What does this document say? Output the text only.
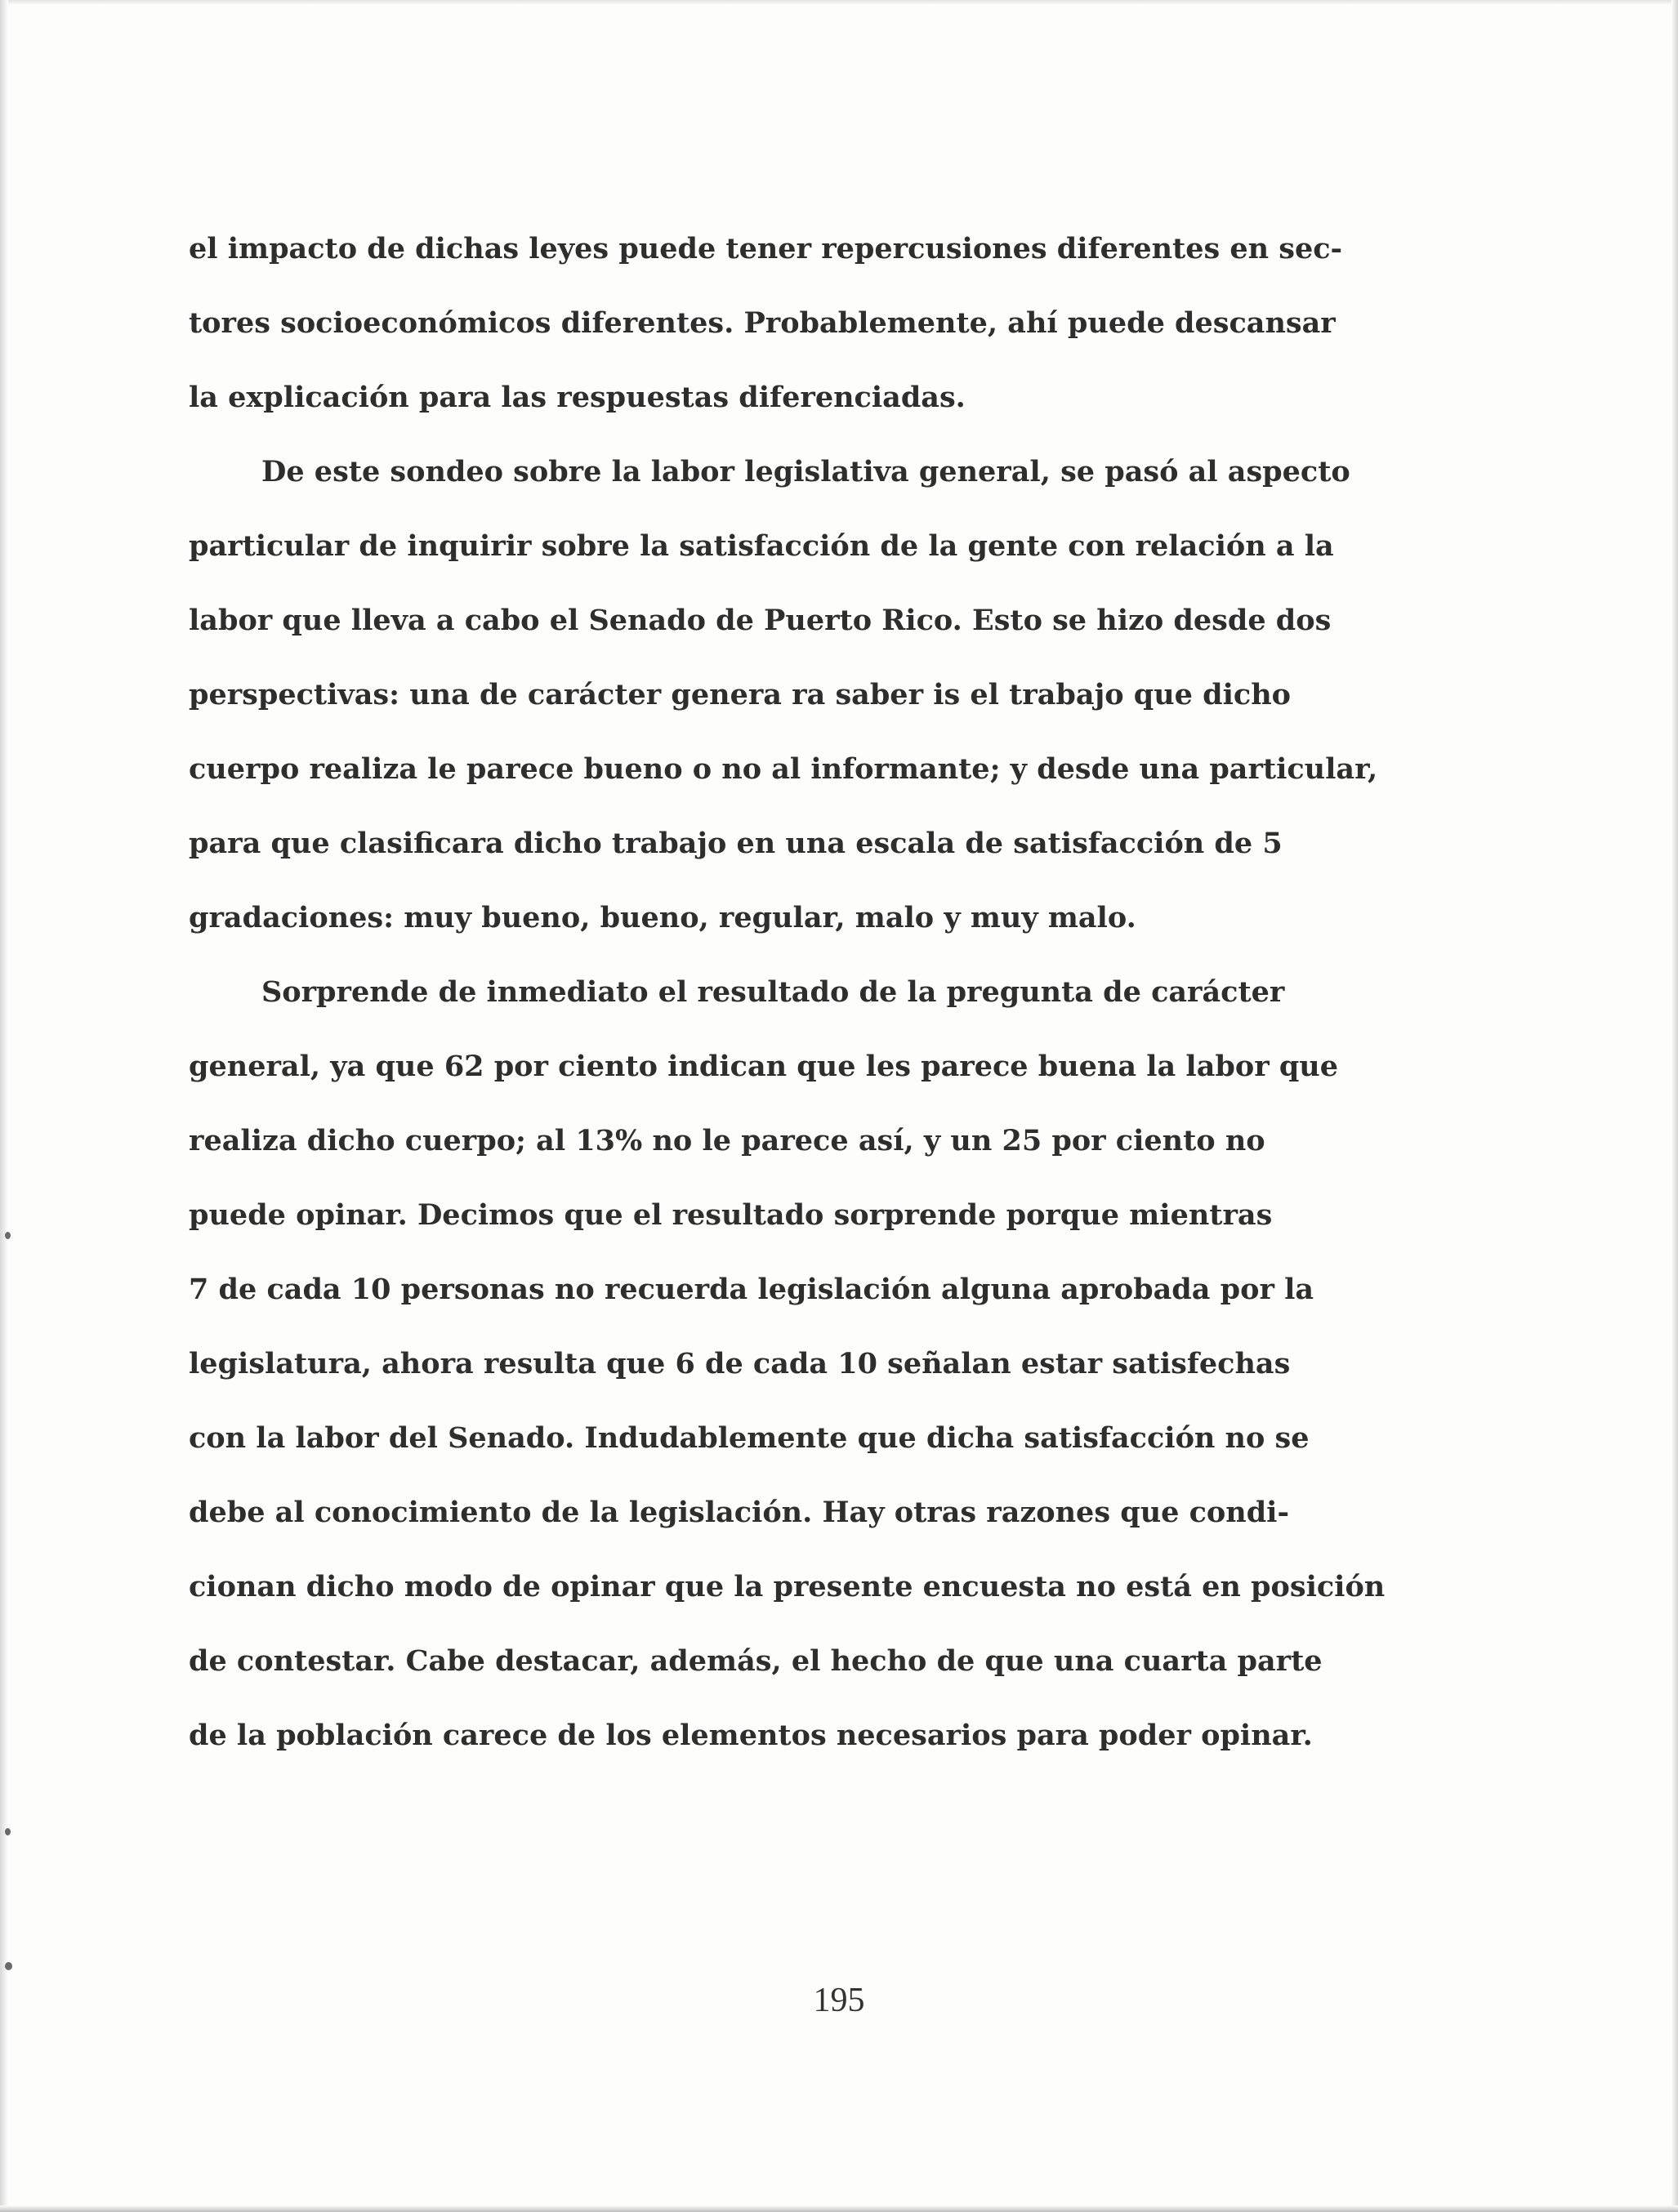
el impacto de dichas leyes puede tener repercusiones diferentes en sec-

tores socioeconómicos diferentes. Probablemente, ahí puede descansar

la explicación para las respuestas diferenciadas.

De este sondeo sobre la labor legislativa general, se pasó al aspecto

particular de inquirir sobre la satisfacción de la gente con relación a la

labor que lleva a cabo el Senado de Puerto Rico. Esto se hizo desde dos

perspectivas: una de carácter genera ra saber is el trabajo que dicho

cuerpo realiza le parece bueno o no al informante; y desde una particular,

para que clasificara dicho trabajo en una escala de satisfacción de 5

gradaciones: muy bueno, bueno, regular, malo y muy malo.

Sorprende de inmediato el resultado de la pregunta de carácter

general, ya que 62 por ciento indican que les parece buena la labor que

realiza dicho cuerpo; al 13% no le parece así, y un 25 por ciento no

puede opinar. Decimos que el resultado sorprende porque mientras

7 de cada 10 personas no recuerda legislación alguna aprobada por la

legislatura, ahora resulta que 6 de cada 10 señalan estar satisfechas

con la labor del Senado. Indudablemente que dicha satisfacción no se

debe al conocimiento de la legislación. Hay otras razones que condi-

cionan dicho modo de opinar que la presente encuesta no está en posición

de contestar. Cabe destacar, además, el hecho de que una cuarta parte

de la población carece de los elementos necesarios para poder opinar.

195
